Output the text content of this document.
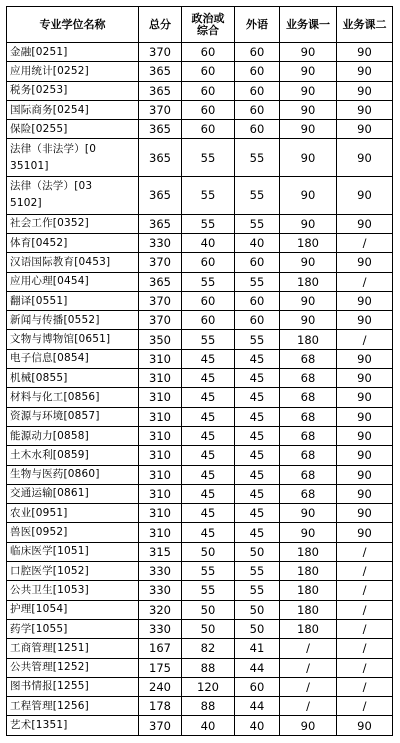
专业学位名称	总分	政治或综合	外语	业务课一	业务课二
金融[0251]	370	60	60	90	90
应用统计[0252]	365	60	60	90	90
税务[0253]	365	60	60	90	90
国际商务[0254]	370	60	60	90	90
保险[0255]	365	60	60	90	90
法律（非法学）[035101]	365	55	55	90	90
法律（法学）[035102]	365	55	55	90	90
社会工作[0352]	365	55	55	90	90
体育[0452]	330	40	40	180	/
汉语国际教育[0453]	370	60	60	90	90
应用心理[0454]	365	55	55	180	/
翻译[0551]	370	60	60	90	90
新闻与传播[0552]	370	60	60	90	90
文物与博物馆[0651]	350	55	55	180	/
电子信息[0854]	310	45	45	68	90
机械[0855]	310	45	45	68	90
材料与化工[0856]	310	45	45	68	90
资源与环境[0857]	310	45	45	68	90
能源动力[0858]	310	45	45	68	90
土木水利[0859]	310	45	45	68	90
生物与医药[0860]	310	45	45	68	90
交通运输[0861]	310	45	45	68	90
农业[0951]	310	45	45	90	90
兽医[0952]	310	45	45	90	90
临床医学[1051]	315	50	50	180	/
口腔医学[1052]	330	55	55	180	/
公共卫生[1053]	330	55	55	180	/
护理[1054]	320	50	50	180	/
药学[1055]	330	50	50	180	/
工商管理[1251]	167	82	41	/	/
公共管理[1252]	175	88	44	/	/
图书情报[1255]	240	120	60	/	/
工程管理[1256]	178	88	44	/	/
艺术[1351]	370	40	40	90	90
